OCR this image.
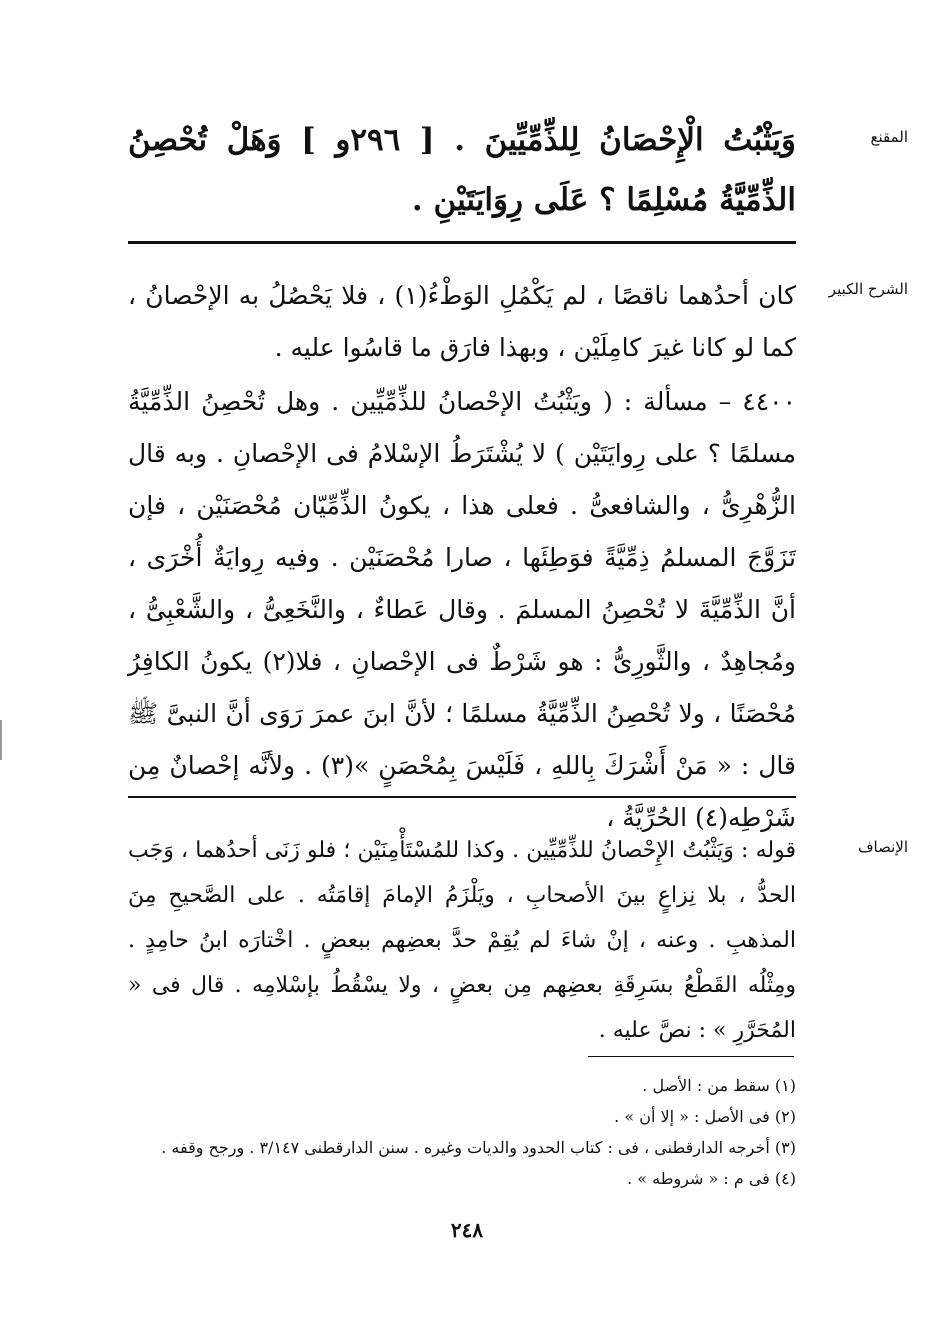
المقنع

وَيَثْبُتُ الْإِحْصَانُ لِلذِّمِّيِّينَ . [ ٢٩٦و ] وَهَلْ تُحْصِنُ الذِّمِّيَّةُ مُسْلِمًا ؟ عَلَى رِوَايَتَيْنِ .

الشرح الكبير

كان أحدُهما ناقصًا ، لم يَكْمُلِ الوَطْءُ(١) ، فلا يَحْصُلُ به الإحْصانُ ، كما لو كانا غيرَ كامِلَيْن ، وبهذا فارَق ما قاسُوا عليه .

٤٤٠٠ – مسألة : ( ويَثْبُتُ الإحْصانُ للذِّمِّيِّين . وهل تُحْصِنُ الذِّمِّيَّةُ مسلمًا ؟ على رِوايَتَيْن ) لا يُشْتَرَطُ الإسْلامُ فى الإحْصانِ . وبه قال الزُّهْرِىُّ ، والشافعىُّ . فعلى هذا ، يكونُ الذِّمِّيّان مُحْصَنَيْن ، فإن تَزَوَّجَ المسلمُ ذِمِّيَّةً فوَطِئَها ، صارا مُحْصَنَيْن . وفيه رِوايَةٌ أُخْرَى ، أنَّ الذِّمِّيَّةَ لا تُحْصِنُ المسلمَ . وقال عَطاءٌ ، والنَّخَعِىُّ ، والشَّعْبِىُّ ، ومُجاهِدٌ ، والثَّورِىُّ : هو شَرْطٌ فى الإحْصانِ ، فلا(٢) يكونُ الكافِرُ مُحْصَنًا ، ولا تُحْصِنُ الذِّمِّيَّةُ مسلمًا ؛ لأنَّ ابنَ عمرَ رَوَى أنَّ النبىَّ ﷺ قال : « مَنْ أَشْرَكَ بِاللهِ ، فَلَيْسَ بِمُحْصَنٍ »(٣) . ولأنَّه إحْصانٌ مِن شَرْطِه(٤) الحُرِّيَّةُ ،

الإنصاف

قوله : وَيَثْبُتُ الإِحْصانُ للذِّمِّيِّين . وكذا للمُسْتَأْمِنَيْن ؛ فلو زَنَى أحدُهما ، وَجَب الحدُّ ، بلا نِزاعٍ بينَ الأصحابِ ، ويَلْزَمُ الإمامَ إقامَتُه . على الصَّحيحِ مِنَ المذهبِ . وعنه ، إنْ شاءَ لم يُقِمْ حدَّ بعضِهم ببعضٍ . اخْتارَه ابنُ حامِدٍ . ومِثْلُه القَطْعُ بسَرِقَةِ بعضِهم مِن بعضٍ ، ولا يسْقُطُ بإسْلامِه . قال فى « المُحَرَّرِ » : نصَّ عليه .

(١) سقط من : الأصل .
(٢) فى الأصل : « إلا أن » .
(٣) أخرجه الدارقطنى ، فى : كتاب الحدود والديات وغيره . سنن الدارقطنى ٣/١٤٧ . ورجح وقفه .
(٤) فى م : « شروطه » .
٢٤٨
